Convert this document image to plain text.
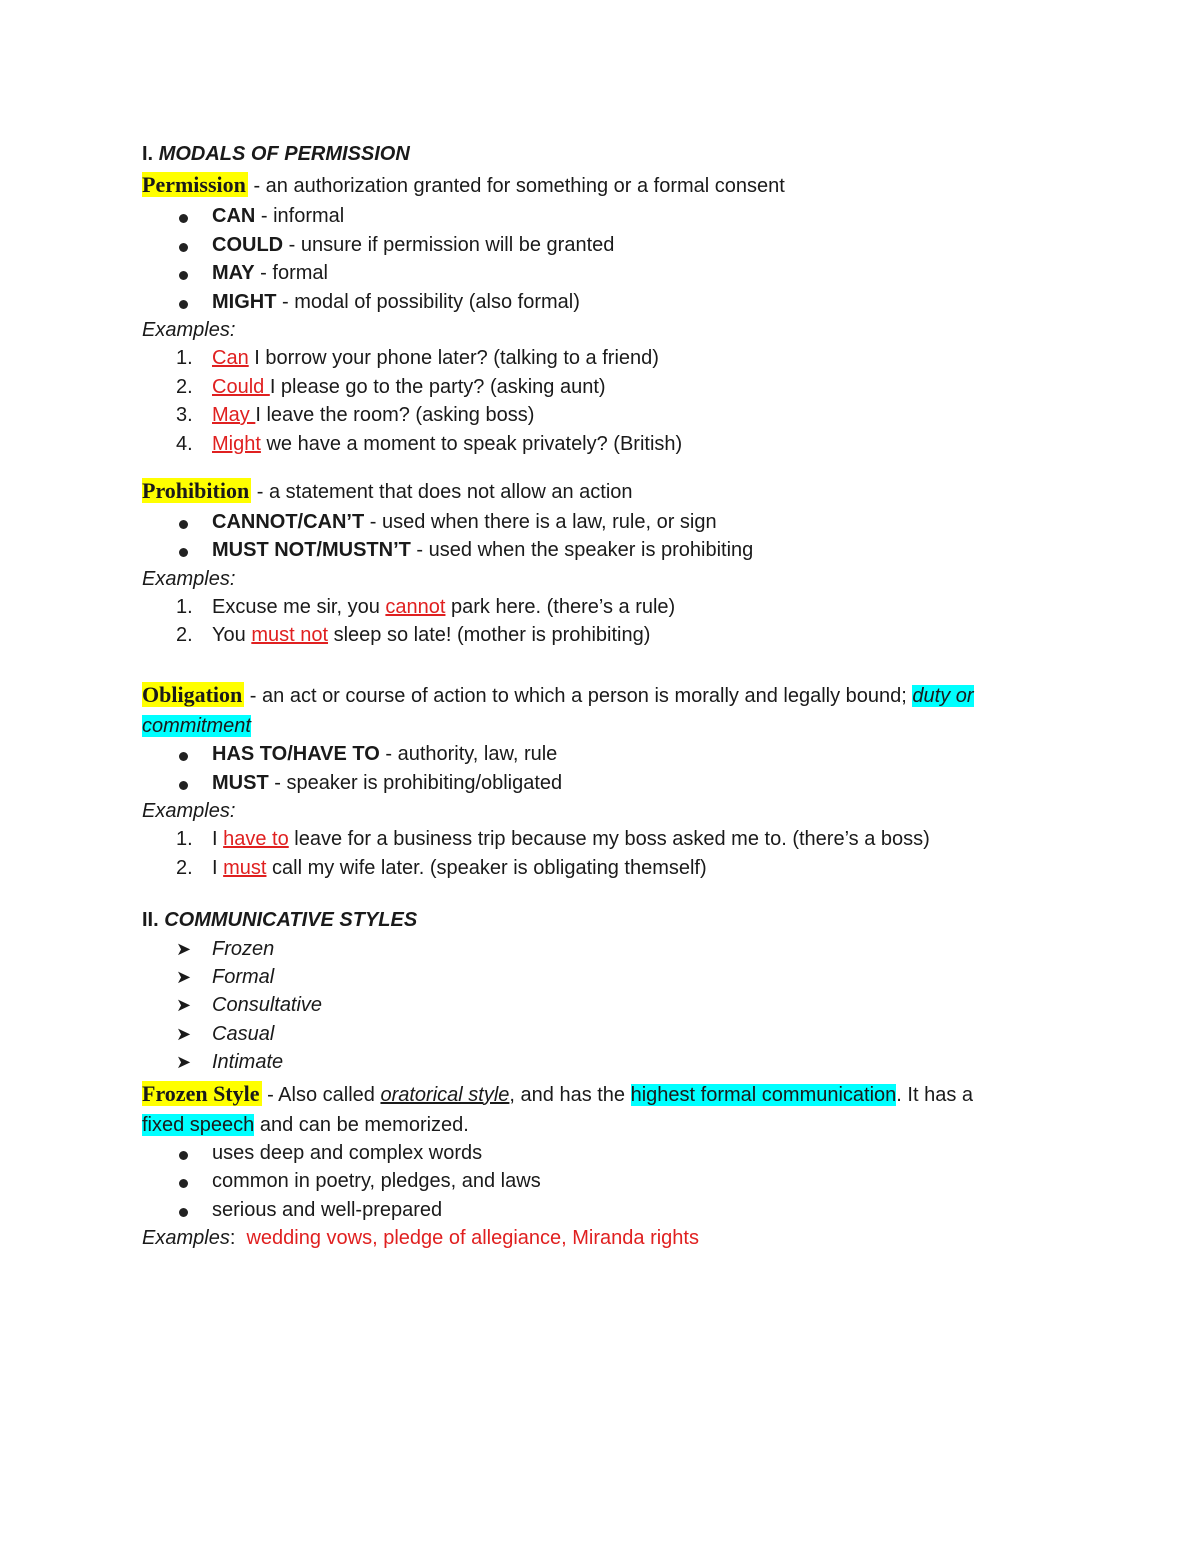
I. MODALS OF PERMISSION
Permission - an authorization granted for something or a formal consent
CAN - informal
COULD - unsure if permission will be granted
MAY - formal
MIGHT - modal of possibility (also formal)
Examples:
1. Can I borrow your phone later? (talking to a friend)
2. Could I please go to the party? (asking aunt)
3. May I leave the room? (asking boss)
4. Might we have a moment to speak privately? (British)
Prohibition - a statement that does not allow an action
CANNOT/CAN’T - used when there is a law, rule, or sign
MUST NOT/MUSTN’T - used when the speaker is prohibiting
Examples:
1. Excuse me sir, you cannot park here. (there’s a rule)
2. You must not sleep so late! (mother is prohibiting)
Obligation - an act or course of action to which a person is morally and legally bound; duty or
commitment
HAS TO/HAVE TO - authority, law, rule
MUST - speaker is prohibiting/obligated
Examples:
1. I have to leave for a business trip because my boss asked me to. (there’s a boss)
2. I must call my wife later. (speaker is obligating themself)
II. COMMUNICATIVE STYLES
➤ Frozen
➤ Formal
➤ Consultative
➤ Casual
➤ Intimate
Frozen Style - Also called oratorical style, and has the highest formal communication. It has a
fixed speech and can be memorized.
uses deep and complex words
common in poetry, pledges, and laws
serious and well-prepared
Examples:  wedding vows, pledge of allegiance, Miranda rights
